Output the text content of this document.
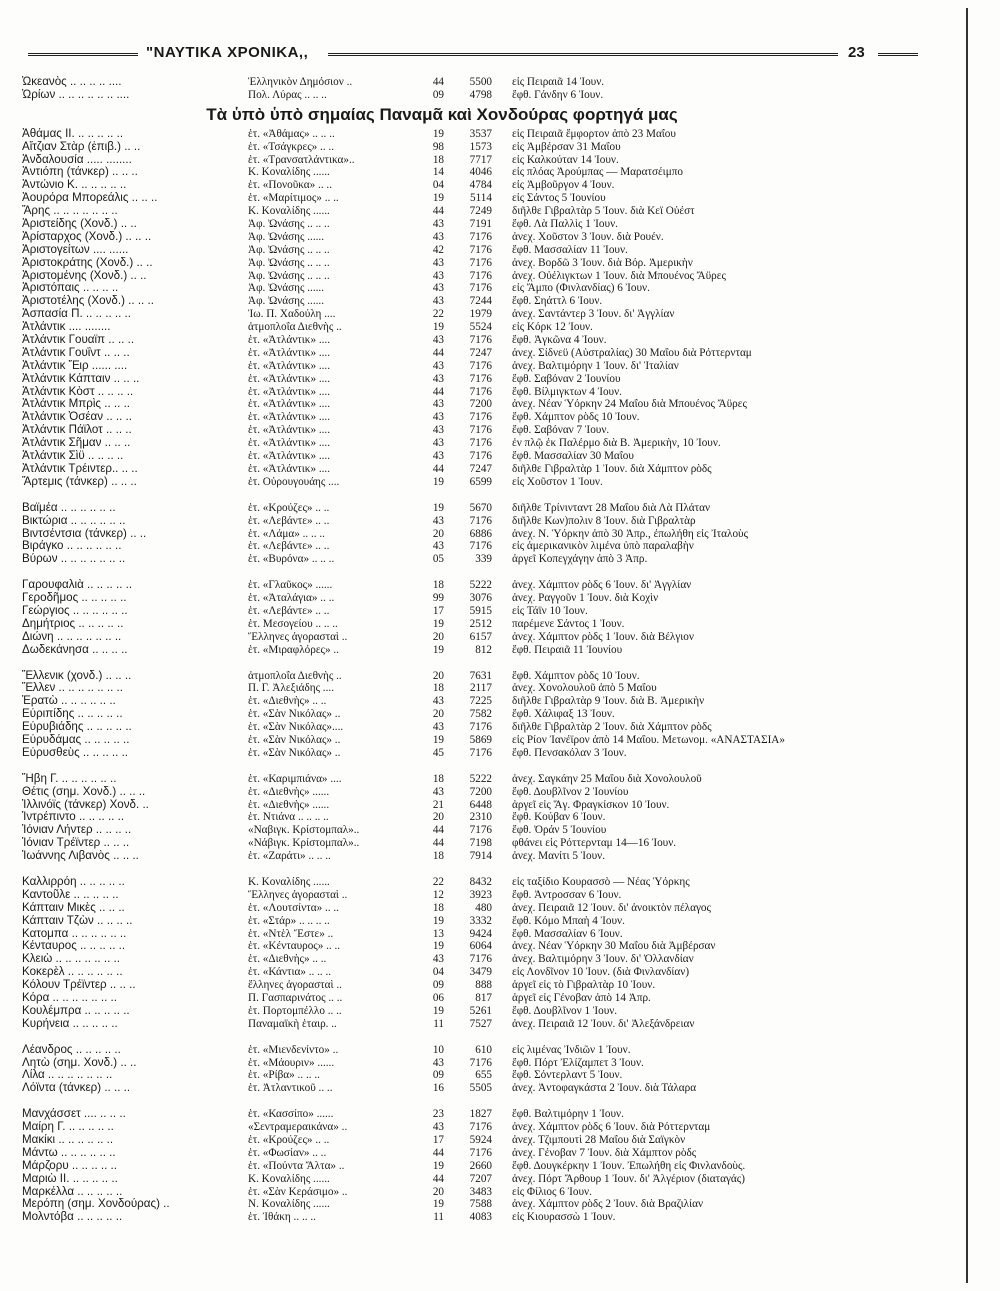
"ΝΑΥΤΙΚΑ ΧΡΟΝΙΚΑ,,	23
Ὠκεανὸς .. .. .. .. ....	Ἑλληνικὸν Δημόσιον ..	44	5500	εἰς Πειραιᾶ 14 Ἰουν.
Ὠρίων .. .. .. .. .. .. ....	Πολ. Λύρας .. .. ..	09	4798	ἔφθ. Γάνδην 6 Ἰουν.
Τὰ ὑπὸ ὑπὸ σημαίας Παναμᾶ καὶ Χονδούρας φορτηγά μας
Ἀθάμας ΙΙ. .. .. .. .. ..	ἑτ. «Ἀθάμας» .. .. ..	19	3537	εἰς Πειραιᾶ ἔμφορτον ἀπὸ 23 Μαΐου
Αἴτζιαν Στὰρ (ἐπιβ.) .. ..	ἑτ. «Τσάγκρες» .. ..	98	1573	εἰς Ἀμβέρσαν 31 Μαΐου
Ἀνδαλουσία ..... ........	ἑτ. «Τρανσατλάντικα»..	18	7717	εἰς Καλκούταν 14 Ἰουν.
Ἀντιόπη (τάνκερ) .. .. ..	Κ. Κοναλίδης ......	14	4046	εἰς πλόας Ἀρούμπας — Μαρατσέιμπο
Ἀντώνιο Κ. .. .. .. .. ..	ἑτ. «Πονοῦκα» .. ..	04	4784	εἰς Ἀμβοῦργον 4 Ἰουν.
Ἀουρόρα Μπορεάλις .. .. ..	ἑτ. «Μαρίτιμος» .. ..	19	5114	εἰς Σάντος 5 Ἰουνίου
Ἄρης .. .. .. .. .. .. ..	Κ. Κοναλίδης ......	44	7249	διῆλθε Γιβραλτὰρ 5 Ἰουν. διὰ Κεϊ Οὐέστ
Ἀριστείδης (Χονδ.) .. ..	Ἀφ. Ὠνάσης .. .. ..	43	7191	ἔφθ. Λὰ Παλλὶς 1 Ἰουν.
Ἀρίσταρχος (Χονδ.) .. .. ..	Ἀφ. Ὠνάσης ......	43	7176	ἀνεχ. Χοῦστον 3 Ἰουν. διὰ Ρουέν.
Ἀριστογείτων .... ......	Ἀφ. Ὠνάσης .. .. ..	42	7176	ἔφθ. Μασσαλίαν 11 Ἰουν.
Ἀριστοκράτης (Χονδ.) .. ..	Ἀφ. Ὠνάσης .. .. ..	43	7176	ἀνεχ. Βορδῶ 3 Ἰουν. διὰ Βόρ. Ἀμερικὴν
Ἀριστομένης (Χονδ.) .. ..	Ἀφ. Ὠνάσης .. .. ..	43	7176	ἀνεχ. Οὐέλιγκτων 1 Ἰουν. διὰ Μπουένος Ἄϋρες
Ἀριστόπαις .. .. .. ..	Ἀφ. Ὠνάσης ......	43	7176	εἰς Ἄμπο (Φινλανδίας) 6 Ἰουν.
Ἀριστοτέλης (Χονδ.) .. .. ..	Ἀφ. Ὠνάσης ......	43	7244	ἔφθ. Σηάττλ 6 Ἰουν.
Ἀσπασία Π. .. .. .. .. ..	Ἰω. Π. Χαδούλη ....	22	1979	ἀνεχ. Σαντάντερ 3 Ἰουν. δι' Ἀγγλίαν
Ἀτλάντικ .... ........	ἀτμοπλοΐα Διεθνὴς ..	19	5524	εἰς Κόρκ 12 Ἰουν.
Ἀτλάντικ Γουαϊπ .. .. ..	ἑτ. «Ἀτλάντικ» ....	43	7176	ἔφθ. Ἀγκῶνα 4 Ἰουν.
Ἀτλάντικ Γουΐντ .. .. ..	ἑτ. «Ἀτλάντικ» ....	44	7247	ἀνεχ. Σίδνεϋ (Αὐστραλίας) 30 Μαΐου διὰ Ρόττερνταμ
Ἀτλάντικ Ἔιρ ...... ....	ἑτ. «Ἀτλάντικ» ....	43	7176	ἀνεχ. Βαλτιμόρην 1 Ἰουν. δι' Ἰταλίαν
Ἀτλάντικ Κάπταιν .. .. ..	ἑτ. «Ἀτλάντικ» ....	43	7176	ἔφθ. Σαβόναν 2 Ἰουνίου
Ἀτλάντικ Κὸστ .. .. .. ..	ἑτ. «Ἀτλάντικ» ....	44	7176	ἔφθ. Βίλμιγκτων 4 Ἰουν.
Ἀτλάντικ Μπρὶς .. .. ..	ἑτ. «Ἀτλάντικ» ....	43	7200	ἀνεχ. Νέαν Ὑόρκην 24 Μαΐου διὰ Μπουένος Ἄϋρες
Ἀτλάντικ Ὀσέαν .. .. ..	ἑτ. «Ἀτλάντικ» ....	43	7176	ἔφθ. Χάμπτον ρὸδς 10 Ἰουν.
Ἀτλάντικ Πάϊλοτ .. .. ..	ἑτ. «Ἀτλάντικ» ....	43	7176	ἔφθ. Σαβόναν 7 Ἰουν.
Ἀτλάντικ Σῆμαν .. .. ..	ἑτ. «Ἀτλάντικ» ....	43	7176	ἐν πλῷ ἐκ Παλέρμο διὰ Β. Ἀμερικὴν, 10 Ἰουν.
Ἀτλάντικ Σὶϋ .. .. .. ..	ἑτ. «Ἀτλάντικ» ....	43	7176	ἔφθ. Μασσαλίαν 30 Μαΐου
Ἀτλάντικ Τρέιντερ.. .. ..	ἑτ. «Ἀτλάντικ» ....	44	7247	διῆλθε Γιβραλτὰρ 1 Ἰουν. διὰ Χάμπτον ρὸδς
Ἄρτεμις (τάνκερ) .. .. ..	ἑτ. Οὐρουγουάης ....	19	6599	εἰς Χοῦστον 1 Ἰουν.
Βαϊμέα .. .. .. .. .. ..	ἑτ. «Κρούζες» .. ..	19	5670	διῆλθε Τρίνινταντ 28 Μαΐου διὰ Λὰ Πλάταν
Βικτώρια .. .. .. .. .. ..	ἑτ. «Λεβάντε» .. ..	43	7176	διῆλθε Κων)πολιν 8 Ἰουν. διὰ Γιβραλτὰρ
Βιντσέντσια (τάνκερ) .. ..	ἑτ. «Λάμα» .. .. ..	20	6886	ἀνεχ. Ν. Ὑόρκην ἀπὸ 30 Ἀπρ., ἐπωλήθη εἰς Ἰταλοὺς
Βιράγκο .. .. .. .. .. ..	ἑτ. «Λεβάντε» .. ..	43	7176	εἰς ἀμερικανικὸν λιμένα ὑπὸ παραλαβὴν
Βύρων .. .. .. .. .. .. ..	ἑτ. «Βυρόνα» .. .. ..	05	339	ἀργεῖ Κοπεγχάγην ἀπὸ 3 Ἀπρ.
Γαρουφαλιὰ .. .. .. .. ..	ἑτ. «Γλαῦκος» ......	18	5222	ἀνεχ. Χάμπτον ρὸδς 6 Ἰουν. δι' Ἀγγλίαν
Γεροδῆμος .. .. .. .. ..	ἑτ. «Ἀταλάγια» .. ..	99	3076	ἀνεχ. Ραγγοῦν 1 Ἰουν. διὰ Κοχὶν
Γεώργιος .. .. .. .. .. ..	ἑτ. «Λεβάντε» .. ..	17	5915	εἰς Τάϊν 10 Ἰουν.
Δημήτριος .. .. .. .. ..	ἑτ. Μεσογείου .. .. ..	19	2512	παρέμενε Σάντος 1 Ἰουν.
Διώνη .. .. .. .. .. .. ..	Ἕλληνες ἀγορασταὶ ..	20	6157	ἀνεχ. Χάμπτον ρὸδς 1 Ἰουν. διὰ Βέλγιον
Δωδεκάνησα .. .. .. ..	ἑτ. «Μιραφλόρες» ..	19	812	ἔφθ. Πειραιᾶ 11 Ἰουνίου
Ἕλλενικ (χονδ.) .. .. ..	ἀτμοπλοΐα Διεθνὴς ..	20	7631	ἔφθ. Χάμπτον ρὸδς 10 Ἰουν.
Ἕλλεν .. .. .. .. .. .. ..	Π. Γ. Ἀλεξιάδης ....	18	2117	ἀνεχ. Χονολουλοῦ ἀπὸ 5 Μαΐου
Ἐρατὼ .. .. .. .. .. ..	ἑτ. «Διεθνὴς» .. ..	43	7225	διῆλθε Γιβραλτὰρ 9 Ἰουν. διὰ Β. Ἀμερικὴν
Εὐριπίδης .. .. .. .. ..	ἑτ. «Σὰν Νικόλας» ..	20	7582	ἔφθ. Χάλιφαξ 13 Ἰουν.
Εὐρυβιάδης .. .. .. .. ..	ἑτ. «Σὰν Νικόλας»....	43	7176	διῆλθε Γιβραλτὰρ 2 Ἰουν. διὰ Χάμπτον ρὸδς
Εὐρυδάμας .. .. .. .. ..	ἑτ. «Σὰν Νικόλας» ..	19	5869	εἰς Ρίον Ἰανέϊρον ἀπὸ 14 Μαΐου. Μετωνομ. «ΑΝΑΣΤΑΣΙΑ»
Εὐρυσθεὺς .. .. .. .. ..	ἑτ. «Σὰν Νικόλας» ..	45	7176	ἔφθ. Πενσακόλαν 3 Ἰουν.
Ἥβη Γ. .. .. .. .. .. ..	ἑτ. «Καριμπιάνα» ....	18	5222	ἀνεχ. Σαγκάην 25 Μαΐου διὰ Χονολουλοῦ
Θέτις (σημ. Χονδ.) .. .. ..	ἑτ. «Διεθνὴς» ......	43	7200	ἔφθ. Δουβλῖνον 2 Ἰουνίου
Ἰλλινόϊς (τάνκερ) Χονδ. ..	ἑτ. «Διεθνὴς» ......	21	6448	ἀργεῖ εἰς Ἅγ. Φραγκίσκον 10 Ἰουν.
Ἰντρέπιντο .. .. .. .. ..	ἑτ. Ντιάνα .. .. .. ..	20	2310	ἔφθ. Κούβαν 6 Ἰουν.
Ἰόνιαν Λήντερ .. .. .. ..	«Ναβιγκ. Κρίστομπαλ»..	44	7176	ἔφθ. Ὀράν 5 Ἰουνίου
Ἰόνιαν Τρέϊντερ .. .. ..	«Νάβιγκ. Κρίστομπαλ»..	44	7198	φθάνει εἰς Ρόττερνταμ 14—16 Ἰουν.
Ἰωάννης Λιβανὸς .. .. ..	ἑτ. «Ζαράτι» .. .. ..	18	7914	ἀνεχ. Μανίτι 5 Ἰουν.
Καλλιρρόη .. .. .. .. ..	Κ. Κοναλίδης ......	22	8432	εἰς ταξίδιο Κουρασσὸ — Νέας Ὑόρκης
Καντοῦλε .. .. .. .. ..	Ἕλληνες ἀγορασταὶ ..	12	3923	ἔφθ. Ἀντροσσαν 6 Ἰουν.
Κάπταιν Μικὲς .. .. ..	ἑτ. «Λουτσίντα» .. ..	18	480	ἀνεχ. Πειραιᾶ 12 Ἰουν. δι' ἀνοικτὸν πέλαγος
Κάπταιν Τζὼν .. .. .. ..	ἑτ. «Στάρ» .. .. .. ..	19	3332	ἔφθ. Κόμο Μπαὴ 4 Ἰουν.
Κατομπα .. .. .. .. .. ..	ἑτ. «Ντὲλ Ἔστε» ..	13	9424	ἔφθ. Μασσαλίαν 6 Ἰουν.
Κένταυρος .. .. .. .. ..	ἑτ. «Κένταυρος» .. ..	19	6064	ἀνεχ. Νέαν Ὑόρκην 30 Μαΐου διὰ Ἀμβέρσαν
Κλειὼ .. .. .. .. .. .. ..	ἑτ. «Διεθνὴς» .. ..	43	7176	ἀνεχ. Βαλτιμόρην 3 Ἰουν. δι' Ὁλλανδίαν
Κοκερὲλ .. .. .. .. .. ..	ἑτ. «Κάντια» .. .. ..	04	3479	εἰς Λονδῖνον 10 Ἰουν. (διὰ Φινλανδίαν)
Κόλουν Τρέϊντερ .. .. ..	ἕλληνες ἀγορασταὶ ..	09	888	ἀργεῖ εἰς τὸ Γιβραλτὰρ 10 Ἰουν.
Κόρα .. .. .. .. .. .. ..	Π. Γασπαρινάτος .. ..	06	817	ἀργεῖ εἰς Γένοβαν ἀπὸ 14 Ἀπρ.
Κουλέμπρα .. .. .. .. ..	ἑτ. Πορτομπέλλο .. ..	19	5261	ἔφθ. Δουβλῖνον 1 Ἰουν.
Κυρήνεια .. .. .. .. ..	Παναμαϊκὴ ἑταιρ. ..	11	7527	ἀνεχ. Πειραιᾶ 12 Ἰουν. δι' Ἀλεξάνδρειαν
Λέανδρος .. .. .. .. ..	ἑτ. «Μιενδενίντο» ..	10	610	εἰς λιμένας Ἰνδιῶν 1 Ἰουν.
Λητὼ (σημ. Χονδ.) .. ..	ἑτ. «Μάουριν» ......	43	7176	ἔφθ. Πόρτ Ἐλίζαμπετ 3 Ἰουν.
Λίλα .. .. .. .. .. .. ..	ἑτ. «Ρίβα» .. .. ..	09	655	ἔφθ. Σόντερλαντ 5 Ἰουν.
Λόϊντα (τάνκερ) .. .. ..	ἑτ. Ἀτλαντικοῦ .. ..	16	5505	ἀνεχ. Ἀντοφαγκάστα 2 Ἰουν. διὰ Τάλαρα
Μανχάσσετ .... .. .. ..	ἑτ. «Κασσίπο» ......	23	1827	ἔφθ. Βαλτιμόρην 1 Ἰουν.
Μαίρη Γ. .. .. .. .. ..	«Σεντραμεραικάνα» ..	43	7176	ἀνεχ. Χάμπτον ρὸδς 6 Ἰουν. διὰ Ρόττερνταμ
Μακίκι .. .. .. .. .. ..	ἑτ. «Κρούζες» .. ..	17	5924	ἀνεχ. Τζιμπουτὶ 28 Μαΐου διὰ Σαϊγκὸν
Μάντω .. .. .. .. .. ..	ἑτ. «Φωσίαν» .. ..	44	7176	ἀνεχ. Γένοβαν 7 Ἰουν. διὰ Χάμπτον ρὸδς
Μάρζορυ .. .. .. .. ..	ἑτ. «Πούντα Ἄλτα» ..	19	2660	ἔφθ. Δουγκέρκην 1 Ἰουν. Ἐπωλήθη εἰς Φινλανδοὺς.
Μαριὼ ΙΙ. .. .. .. .. ..	Κ. Κοναλίδης ......	44	7207	ἀνεχ. Πόρτ Ἄρθουρ 1 Ἰουν. δι' Ἀλγέριον (διαταγάς)
Μαρκέλλα .. .. .. .. ..	ἑτ. «Σὰν Κεράσιμο» ..	20	3483	εἰς Φίλιος 6 Ἰουν.
Μερόπη (σημ. Χονδούρας) ..	Ν. Κοναλίδης ......	19	7588	ἀνεχ. Χάμπτον ρὸδς 2 Ἰουν. διὰ Βραζιλίαν
Μολντόβα .. .. .. .. ..	ἑτ. Ἰθάκη .. .. ..	11	4083	εἰς Κιουρασσὼ 1 Ἰουν.
